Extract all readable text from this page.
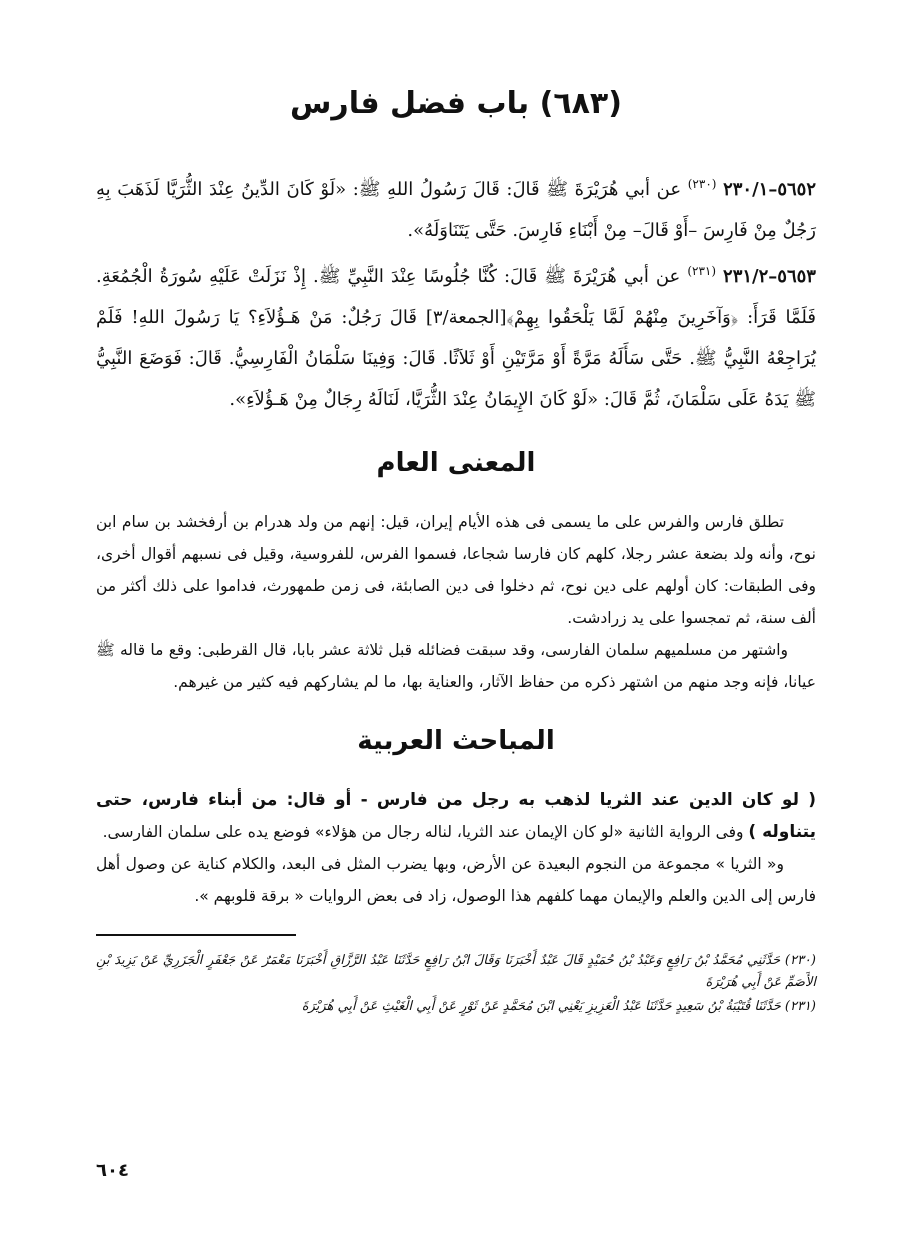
(٦٨٣) باب فضل فارس

٥٦٥٢–٢٣٠/١ $^{(٢٣٠)}$ عن أبي هُرَيْرَةَ ﷺ قَالَ: قَالَ رَسُولُ اللهِ ﷺ: «لَوْ كَانَ الدِّينُ عِنْدَ الثُّرَيَّا لَذَهَبَ بِهِ رَجُلٌ مِنْ فَارِسَ –أَوْ قَالَ– مِنْ أَبْنَاءِ فَارِسَ. حَتَّى يَتَنَاوَلَهُ».

٥٦٥٣–٢٣١/٢ $^{(٢٣١)}$ عن أبي هُرَيْرَةَ ﷺ قَالَ: كُنَّا جُلُوسًا عِنْدَ النَّبِيِّ ﷺ. إِذْ نَزَلَتْ عَلَيْهِ سُورَةُ الْجُمُعَةِ. فَلَمَّا قَرَأَ: ﴿وَآخَرِينَ مِنْهُمْ لَمَّا يَلْحَقُوا بِهِمْ﴾[الجمعة/٣] قَالَ رَجُلٌ: مَنْ هَـؤُلاَءِ؟ يَا رَسُولَ اللهِ! فَلَمْ يُرَاجِعْهُ النَّبِيُّ ﷺ. حَتَّى سَأَلَهُ مَرَّةً أَوْ مَرَّتَيْنِ أَوْ ثَلاَثًا. قَالَ: وَفِينَا سَلْمَانُ الْفَارِسِيُّ. قَالَ: فَوَضَعَ النَّبِيُّ ﷺ يَدَهُ عَلَى سَلْمَانَ، ثُمَّ قَالَ: «لَوْ كَانَ الإِيمَانُ عِنْدَ الثُّرَيَّا، لَنَالَهُ رِجَالٌ مِنْ هَـؤُلاَءِ».

المعنى العام

تطلق فارس والفرس على ما يسمى فى هذه الأيام إيران، قيل: إنهم من ولد هدرام بن أرفخشد بن سام ابن نوح، وأنه ولد بضعة عشر رجلا، كلهم كان فارسا شجاعا، فسموا الفرس، للفروسية، وقيل فى نسبهم أقوال أخرى، وفى الطبقات: كان أولهم على دين نوح، ثم دخلوا فى دين الصابئة، فى زمن طمهورث، فداموا على ذلك أكثر من ألف سنة، ثم تمجسوا على يد زرادشت.

واشتهر من مسلميهم سلمان الفارسى، وقد سبقت فضائله قبل ثلاثة عشر بابا، قال القرطبى: وقع ما قاله ﷺ عيانا، فإنه وجد منهم من اشتهر ذكره من حفاظ الآثار، والعناية بها، ما لم يشاركهم فيه كثير من غيرهم.

المباحث العربية

( لو كان الدين عند الثريا لذهب به رجل من فارس - أو قال: من أبناء فارس، حتى يتناوله ) وفى الرواية الثانية «لو كان الإيمان عند الثريا، لناله رجال من هؤلاء» فوضع يده على سلمان الفارسى.

و« الثريا » مجموعة من النجوم البعيدة عن الأرض، وبها يضرب المثل فى البعد، والكلام كناية عن وصول أهل فارس إلى الدين والعلم والإيمان مهما كلفهم هذا الوصول، زاد فى بعض الروايات « برقة قلوبهم ».

(٢٣٠) حَدَّثَنِي مُحَمَّدُ بْنُ رَافِعٍ وَعَبْدُ بْنُ حُمَيْدٍ قَالَ عَبْدٌ أَخْبَرَنَا وَقَالَ ابْنُ رَافِعٍ حَدَّثَنَا عَبْدُ الرَّزَّاقِ أَخْبَرَنَا مَعْمَرٌ عَنْ جَعْفَرٍ الْجَزَرِيِّ عَنْ يَزِيدَ بْنِ الأَصَمِّ عَنْ أَبِي هُرَيْرَةَ

(٢٣١) حَدَّثَنَا قُتَيْبَةُ بْنُ سَعِيدٍ حَدَّثَنَا عَبْدُ الْعَزِيزِ يَعْنِي ابْنَ مُحَمَّدٍ عَنْ ثَوْرٍ عَنْ أَبِي الْغَيْثِ عَنْ أَبِي هُرَيْرَةَ

٦٠٤
